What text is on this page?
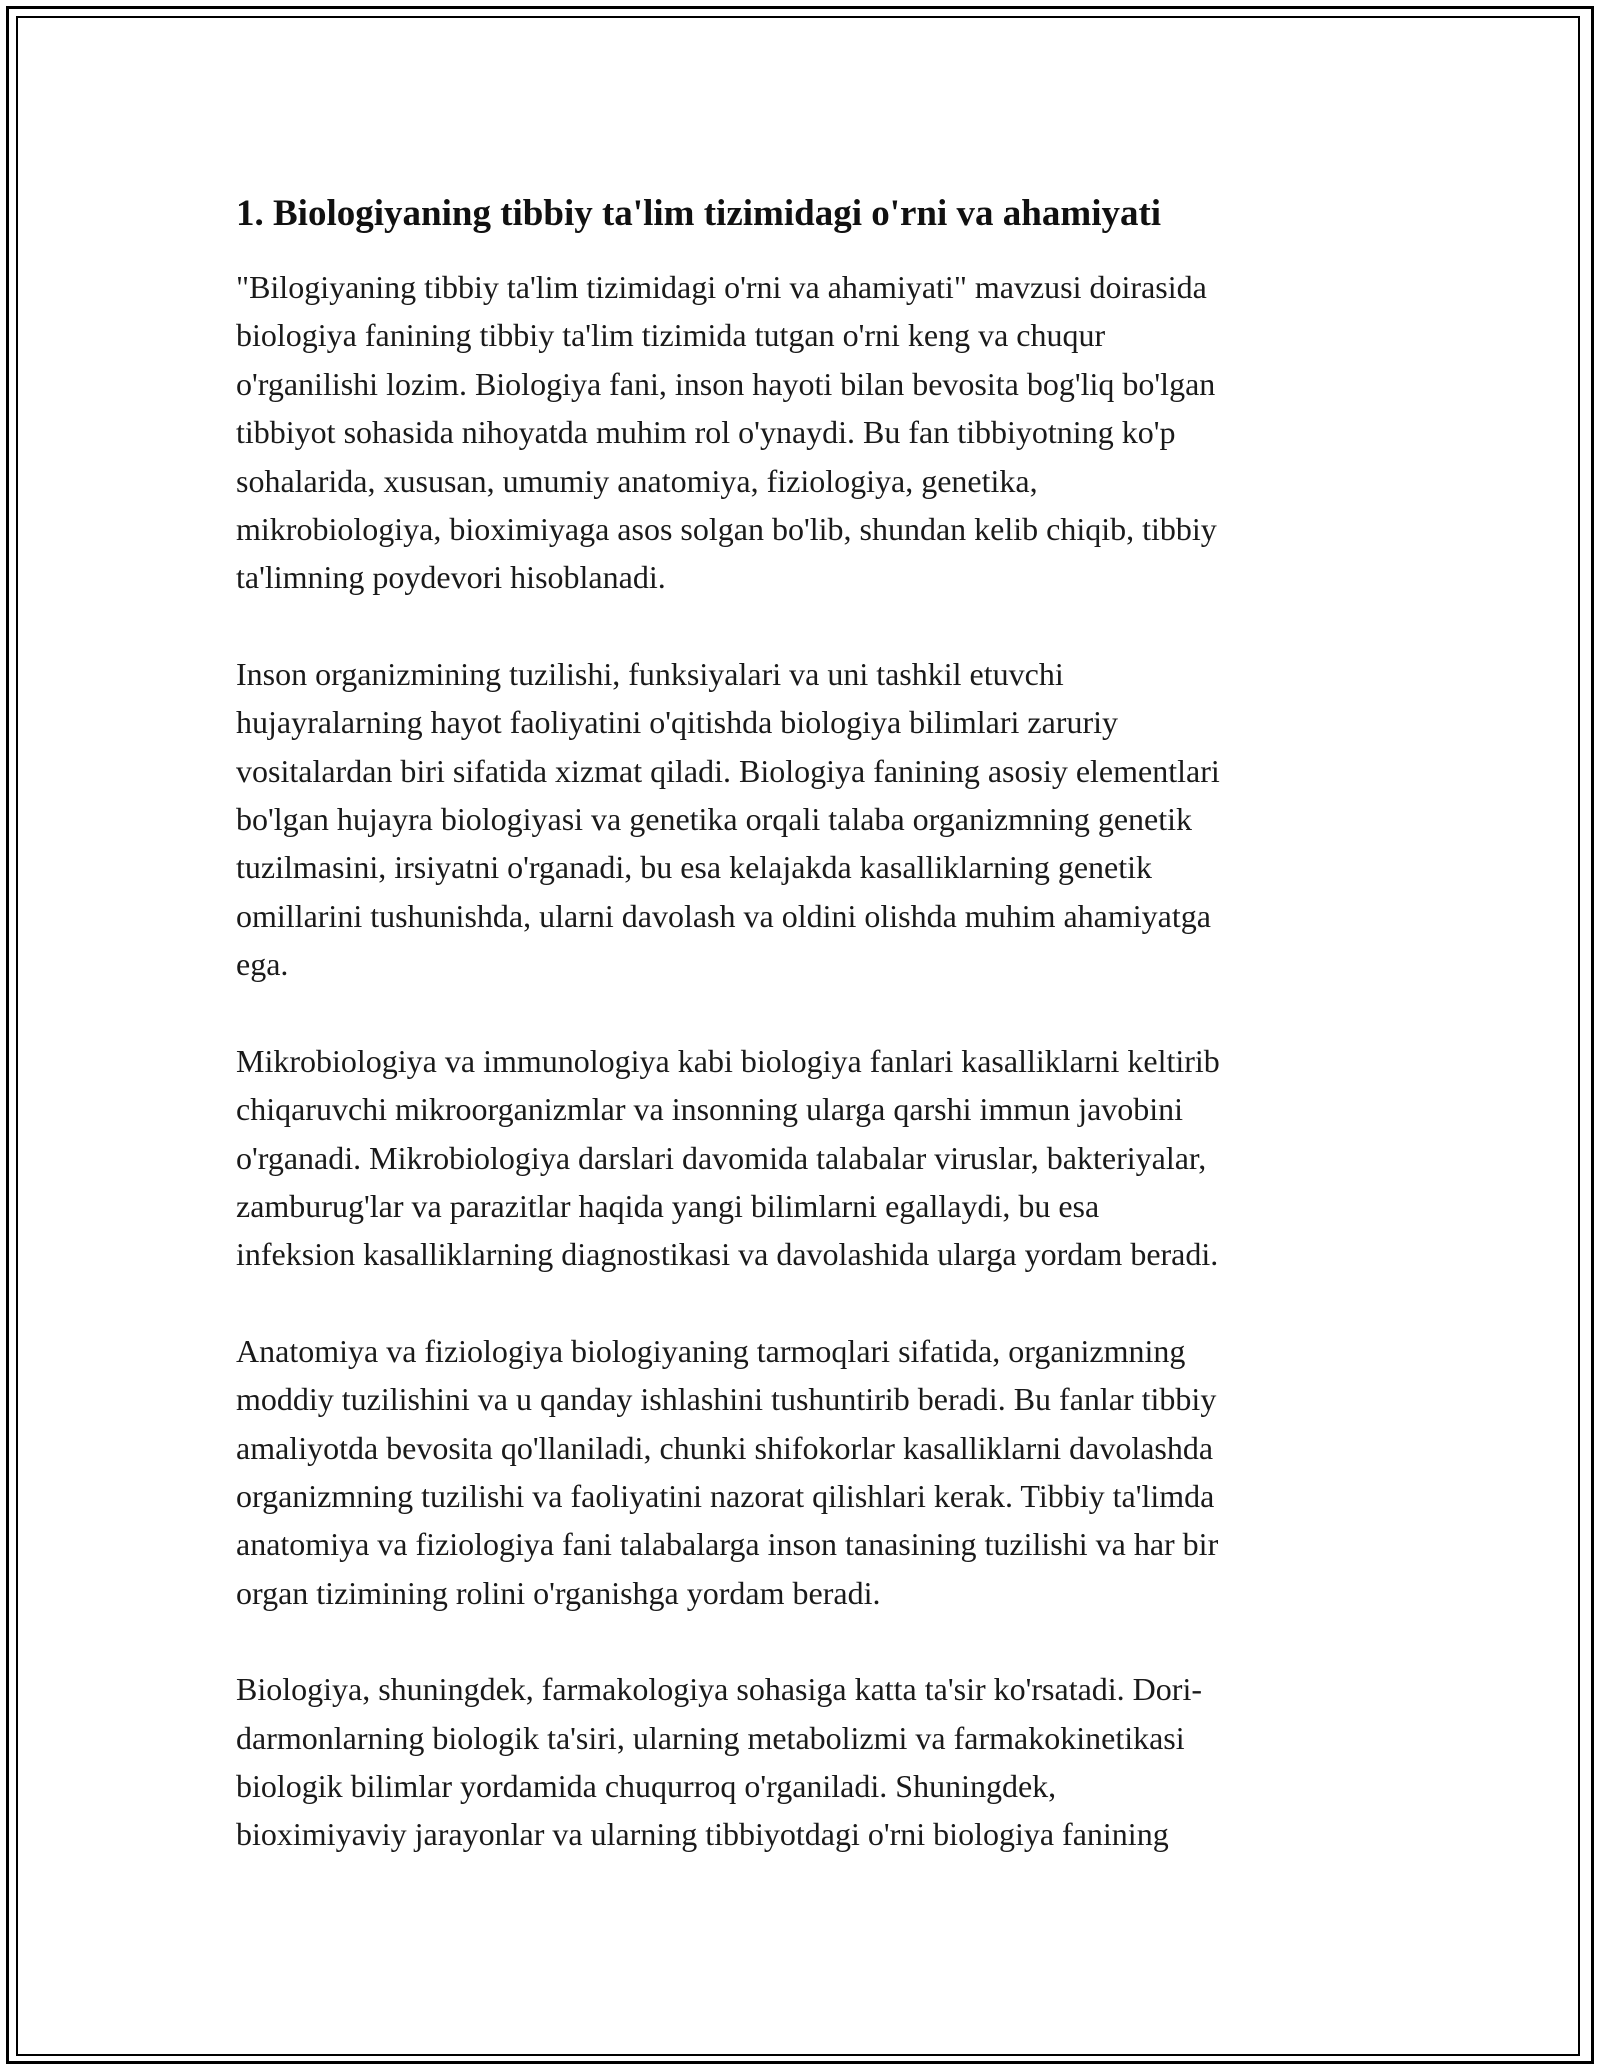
1. Biologiyaning tibbiy ta'lim tizimidagi o'rni va ahamiyati

"Bilogiyaning tibbiy ta'lim tizimidagi o'rni va ahamiyati" mavzusi doirasida
biologiya fanining tibbiy ta'lim tizimida tutgan o'rni keng va chuqur
o'rganilishi lozim. Biologiya fani, inson hayoti bilan bevosita bog'liq bo'lgan
tibbiyot sohasida nihoyatda muhim rol o'ynaydi. Bu fan tibbiyotning ko'p
sohalarida, xususan, umumiy anatomiya, fiziologiya, genetika,
mikrobiologiya, bioximiyaga asos solgan bo'lib, shundan kelib chiqib, tibbiy
ta'limning poydevori hisoblanadi.

Inson organizmining tuzilishi, funksiyalari va uni tashkil etuvchi
hujayralarning hayot faoliyatini o'qitishda biologiya bilimlari zaruriy
vositalardan biri sifatida xizmat qiladi. Biologiya fanining asosiy elementlari
bo'lgan hujayra biologiyasi va genetika orqali talaba organizmning genetik
tuzilmasini, irsiyatni o'rganadi, bu esa kelajakda kasalliklarning genetik
omillarini tushunishda, ularni davolash va oldini olishda muhim ahamiyatga
ega.

Mikrobiologiya va immunologiya kabi biologiya fanlari kasalliklarni keltirib
chiqaruvchi mikroorganizmlar va insonning ularga qarshi immun javobini
o'rganadi. Mikrobiologiya darslari davomida talabalar viruslar, bakteriyalar,
zamburug'lar va parazitlar haqida yangi bilimlarni egallaydi, bu esa
infeksion kasalliklarning diagnostikasi va davolashida ularga yordam beradi.

Anatomiya va fiziologiya biologiyaning tarmoqlari sifatida, organizmning
moddiy tuzilishini va u qanday ishlashini tushuntirib beradi. Bu fanlar tibbiy
amaliyotda bevosita qo'llaniladi, chunki shifokorlar kasalliklarni davolashda
organizmning tuzilishi va faoliyatini nazorat qilishlari kerak. Tibbiy ta'limda
anatomiya va fiziologiya fani talabalarga inson tanasining tuzilishi va har bir
organ tizimining rolini o'rganishga yordam beradi.

Biologiya, shuningdek, farmakologiya sohasiga katta ta'sir ko'rsatadi. Dori-
darmonlarning biologik ta'siri, ularning metabolizmi va farmakokinetikasi
biologik bilimlar yordamida chuqurroq o'rganiladi. Shuningdek,
bioximiyaviy jarayonlar va ularning tibbiyotdagi o'rni biologiya fanining
